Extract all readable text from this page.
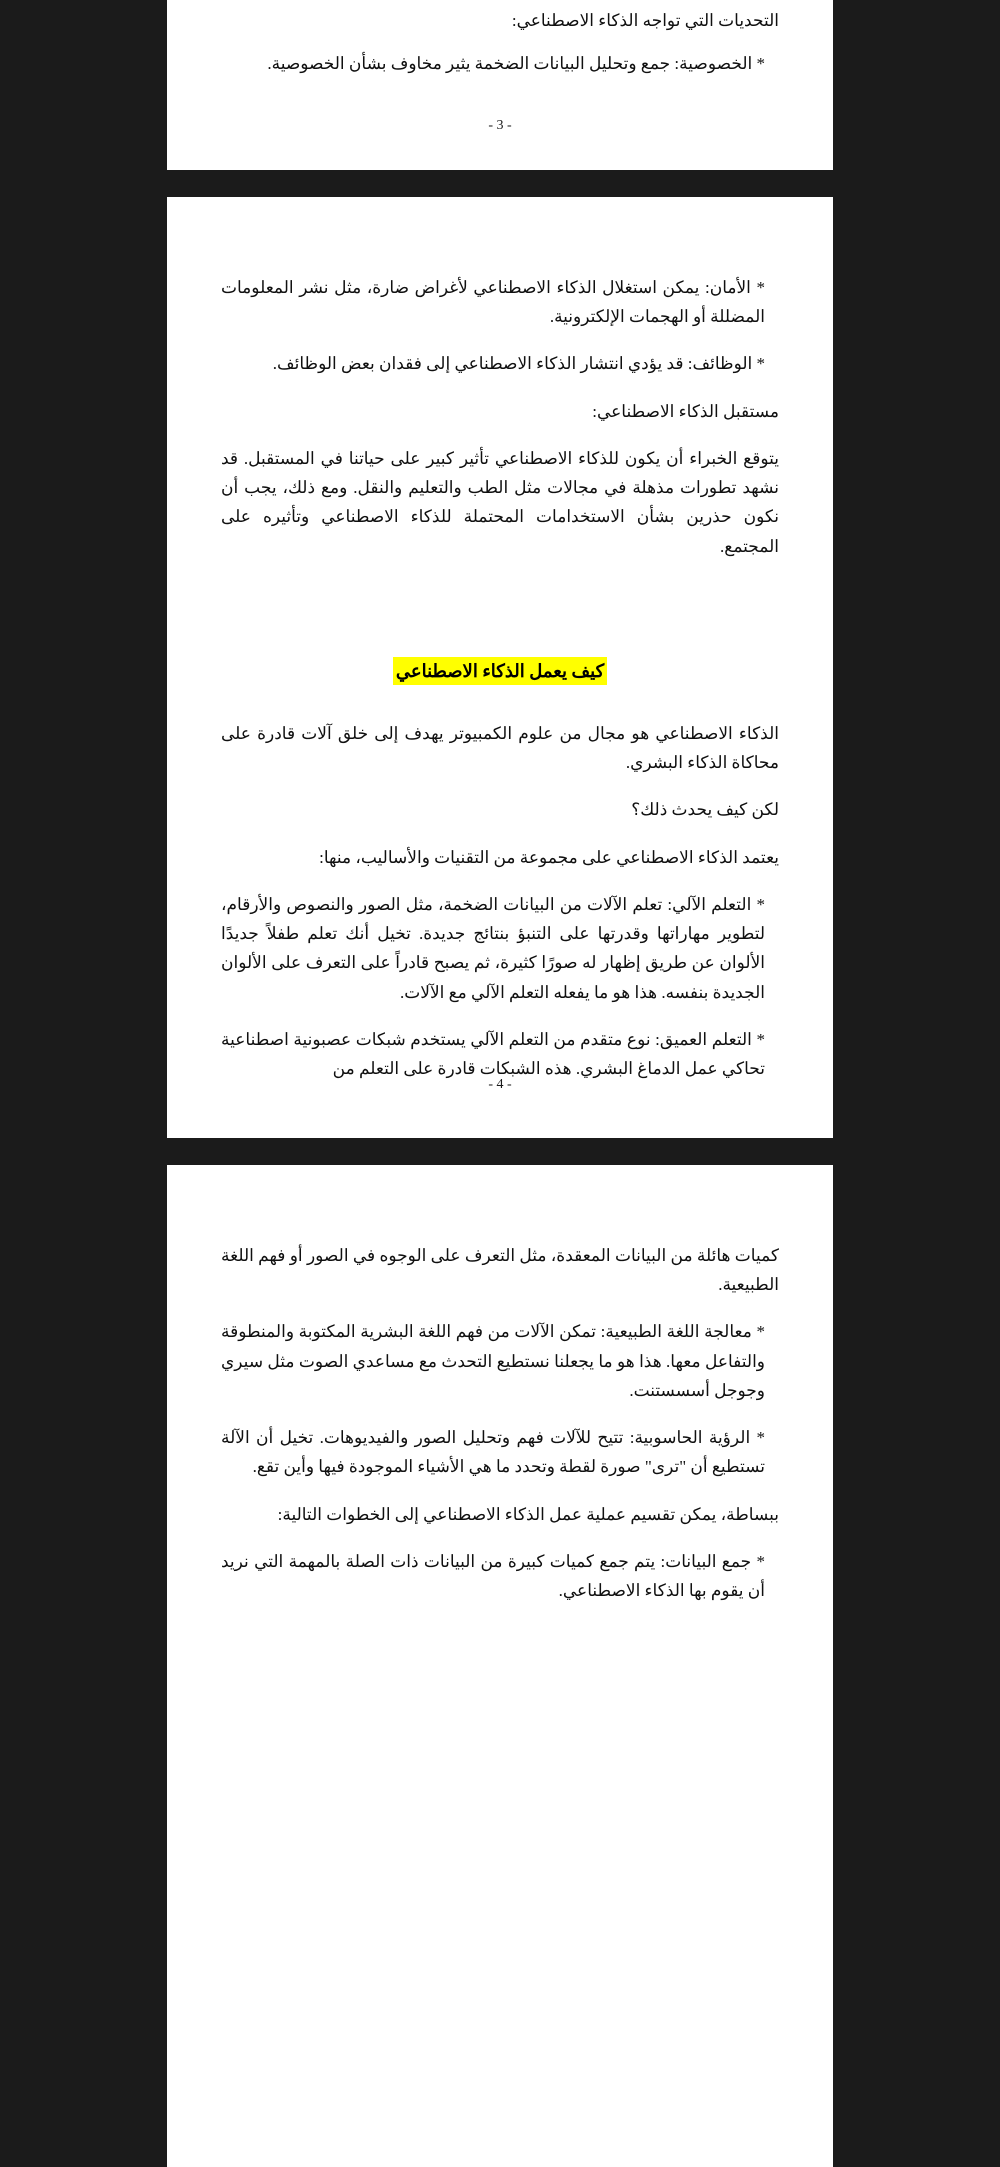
التحديات التي تواجه الذكاء الاصطناعي:

* الخصوصية: جمع وتحليل البيانات الضخمة يثير مخاوف بشأن الخصوصية.

- 3 -

* الأمان: يمكن استغلال الذكاء الاصطناعي لأغراض ضارة، مثل نشر المعلومات المضللة أو الهجمات الإلكترونية.

* الوظائف: قد يؤدي انتشار الذكاء الاصطناعي إلى فقدان بعض الوظائف.

مستقبل الذكاء الاصطناعي:

يتوقع الخبراء أن يكون للذكاء الاصطناعي تأثير كبير على حياتنا في المستقبل. قد نشهد تطورات مذهلة في مجالات مثل الطب والتعليم والنقل. ومع ذلك، يجب أن نكون حذرين بشأن الاستخدامات المحتملة للذكاء الاصطناعي وتأثيره على المجتمع.

كيف يعمل الذكاء الاصطناعي

الذكاء الاصطناعي هو مجال من علوم الكمبيوتر يهدف إلى خلق آلات قادرة على محاكاة الذكاء البشري.

لكن كيف يحدث ذلك؟

يعتمد الذكاء الاصطناعي على مجموعة من التقنيات والأساليب، منها:

* التعلم الآلي: تعلم الآلات من البيانات الضخمة، مثل الصور والنصوص والأرقام، لتطوير مهاراتها وقدرتها على التنبؤ بنتائج جديدة. تخيل أنك تعلم طفلاً جديدًا الألوان عن طريق إظهار له صورًا كثيرة، ثم يصبح قادراً على التعرف على الألوان الجديدة بنفسه. هذا هو ما يفعله التعلم الآلي مع الآلات.

* التعلم العميق: نوع متقدم من التعلم الآلي يستخدم شبكات عصبونية اصطناعية تحاكي عمل الدماغ البشري. هذه الشبكات قادرة على التعلم من

- 4 -

كميات هائلة من البيانات المعقدة، مثل التعرف على الوجوه في الصور أو فهم اللغة الطبيعية.

* معالجة اللغة الطبيعية: تمكن الآلات من فهم اللغة البشرية المكتوبة والمنطوقة والتفاعل معها. هذا هو ما يجعلنا نستطيع التحدث مع مساعدي الصوت مثل سيري وجوجل أسسستنت.

* الرؤية الحاسوبية: تتيح للآلات فهم وتحليل الصور والفيديوهات. تخيل أن الآلة تستطيع أن "ترى" صورة لقطة وتحدد ما هي الأشياء الموجودة فيها وأين تقع.

ببساطة، يمكن تقسيم عملية عمل الذكاء الاصطناعي إلى الخطوات التالية:

* جمع البيانات: يتم جمع كميات كبيرة من البيانات ذات الصلة بالمهمة التي نريد أن يقوم بها الذكاء الاصطناعي.
